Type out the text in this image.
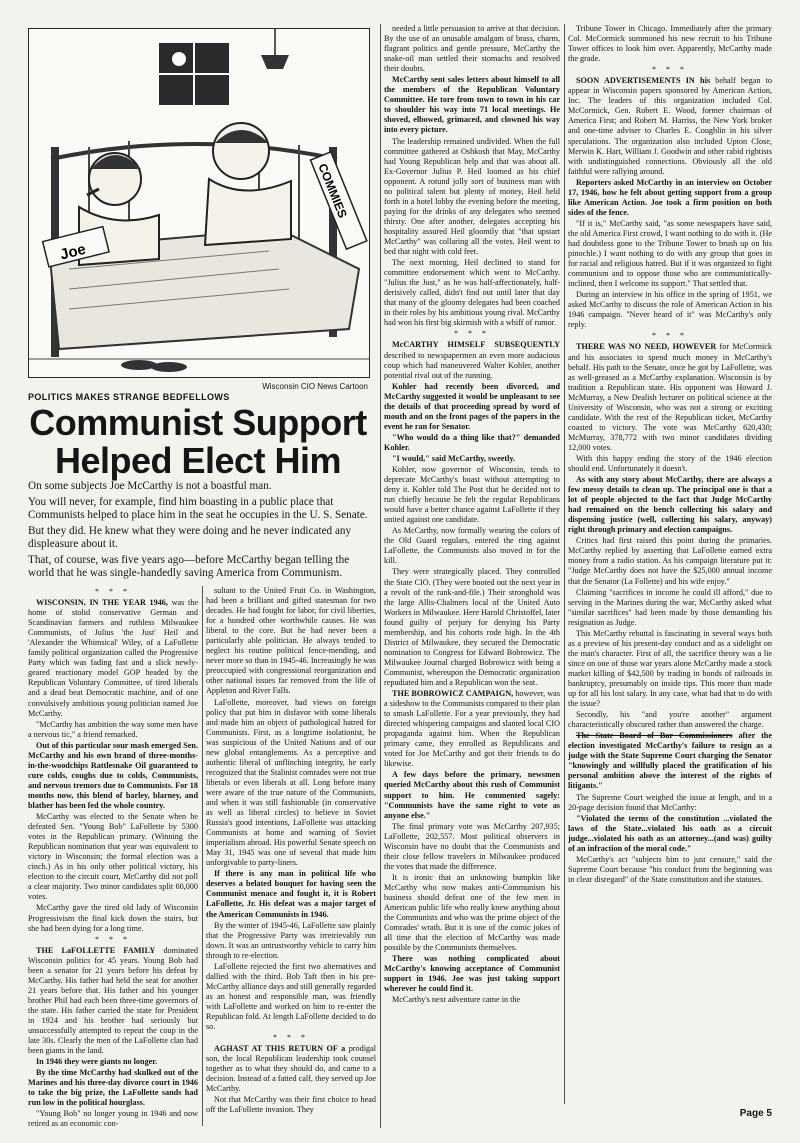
Joe
COMMIES
Wisconsin CIO News Cartoon
POLITICS MAKES STRANGE BEDFELLOWS
Communist Support
Helped Elect Him

On some subjects Joe McCarthy is not a boastful man.

You will never, for example, find him boasting in a public place that Communists helped to place him in the seat he occupies in the U. S. Senate.

But they did. He knew what they were doing and he never indicated any displeasure about it.

That, of course, was five years ago—before McCarthy began telling the world that he was single-handedly saving America from Communism.

* * *

WISCONSIN, IN THE YEAR 1946, was the home of stolid conservative German and Scandinavian farmers and ruthless Milwaukee Communists, of Julius 'the Just' Heil and 'Alexander the Whimsical' Wiley, of a LaFollette family political organization called the Progressive Party which was fading fast and a slick newly-geared reactionary model GOP headed by the Republican Voluntary Committee, of tired liberals and a dead beat Democratic machine, and of one convulsively ambitious young politician named Joe McCarthy.

"McCarthy has ambition the way some men have a nervous tic," a friend remarked.

Out of this particular sour mash emerged Sen. McCarthy and his own brand of three-months-in-the-woodchips Rattlesnake Oil guaranteed to cure colds, coughs due to colds, Communists, and nervous tremors due to Communists. For 18 months now, this blend of barley, blarney, and blather has been fed the whole country.

McCarthy was elected to the Senate when he defeated Sen. "Young Bob" LaFollette by 5300 votes in the Republican primary. (Winning the Republican nomination that year was equivalent to victory in Wisconsin; the formal election was a cinch.) As in his only other political victory, his election to the circuit court, McCarthy did not poll a clear majority. Two minor candidates split 60,000 votes.

McCarthy gave the tired old lady of Wisconsin Progressivism the final kick down the stairs, but she had been dying for a long time.

* * *

THE LaFOLLETTE FAMILY dominated Wisconsin politics for 45 years. Young Bob had been a senator for 21 years before his defeat by McCarthy. His father had held the seat for another 21 years before that. His father and his younger brother Phil had each been three-time governors of the state. His father carried the state for President in 1924 and his brother had seriously but unsuccessfully attempted to repeat the coup in the late 30s. Clearly the men of the LaFollette clan had been giants in the land.

In 1946 they were giants no longer.

By the time McCarthy had skulked out of the Marines and his three-day divorce court in 1946 to take the big prize, the LaFollette sands had run low in the political hourglass.

"Young Bob" no longer young in 1946 and now retired as an economic con-

sultant to the United Fruit Co. in Washington, had been a brilliant and gifted statesman for two decades. He had fought for labor, for civil liberties, for a hundred other worthwhile causes. He was liberal to the core. But he had never been a particularly able politician. He always tended to neglect his routine political fence-mending, and never more so than in 1945-46. Increasingly he was preoccupied with congressional reorganization and other national issues far removed from the life of Appleton and River Falls.

LaFollette, moreover, had views on foreign policy that put him in disfavor with some liberals and made him an object of pathological hatred for Communists. First, as a longtime isolationist, he was suspicious of the United Nations and of our new global entanglements. As a perceptive and authentic liberal of unflinching integrity, he early recognized that the Stalinist comrades were not true liberals or even liberals at all. Long before many were aware of the true nature of the Communists, and when it was still fashionable (in conservative as well as liberal circles) to believe in Soviet Russia's good intentions, LaFollette was attacking Communists at home and warning of Soviet imperialism abroad. His powerful Senate speech on May 31, 1945 was one of several that made him unforgivable to party-liners.

If there is any man in political life who deserves a belated bouquet for having seen the Communist menace and fought it, it is Robert LaFollette, Jr. His defeat was a major target of the American Communists in 1946.

By the winter of 1945-46, LaFollette saw plainly that the Progressive Party was irretrievably run down. It was an untrustworthy vehicle to carry him through to re-election.

LaFollette rejected the first two alternatives and dallied with the third. Bob Taft then in his pre-McCarthy alliance days and still generally regarded as an honest and responsible man, was friendly with LaFollette and worked on him to re-enter the Republican fold. At length LaFollette decided to do so.

* * *

AGHAST AT THIS RETURN OF a prodigal son, the local Republican leadership took counsel together as to what they should do, and came to a decision. Instead of a fatted calf, they served up Joe McCarthy.

Not that McCarthy was their first choice to head off the LaFollette invasion. They

needed a little persuasion to arrive at that decision. By the use of an unusable amalgam of brass, charm, flagrant politics and gentle pressure, McCarthy the snake-oil man settled their stomachs and resolved their doubts.

McCarthy sent sales letters about himself to all the members of the Republican Voluntary Committee. He tore from town to town in his car to shoulder his way into 71 local meetings. He shoved, elbowed, grimaced, and clowned his way into every picture.

The leadership remained undivided. When the full committee gathered at Oshkosh that May, McCarthy had Young Republican help and that was about all. Ex-Governor Julius P. Heil loomed as his chief opponent. A rotund jolly sort of business man with no political talent but plenty of money, Heil held forth in a hotel lobby the evening before the meeting, paying for the drinks of any delegates who seemed thirsty. One after another, delegates accepting his hospitality assured Heil gloomily that "that upstart McCarthy" was collaring all the votes. Heil went to bed that night with cold feet.

The next morning, Heil declined to stand for committee endorsement which went to McCarthy. "Julius the Just," as he was half-affectionately, half-derisively called, didn't find out until later that day that many of the gloomy delegates had been coached in their roles by his ambitious young rival. McCarthy had won his first big skirmish with a whiff of rumor.

* * *

McCARTHY HIMSELF SUBSEQUENTLY described to newspapermen an even more audacious coup which had maneuvered Walter Kohler, another potential rival out of the running.

Kohler had recently been divorced, and McCarthy suggested it would be unpleasant to see the details of that proceeding spread by word of mouth and on the front pages of the papers in the event he ran for Senator.

"Who would do a thing like that?" demanded Kohler.

"I would," said McCarthy, sweetly.

Kohler, now governor of Wisconsin, tends to deprecate McCarthy's boast without attempting to deny it. Kohler told The Post that he decided not to run chiefly because he felt the regular Republicans would have a better chance against LaFollette if they united against one candidate.

As McCarthy, now formally wearing the colors of the Old Guard regulars, entered the ring against LaFollette, the Communists also moved in for the kill.

They were strategically placed. They controlled the State CIO. (They were booted out the next year in a revolt of the rank-and-file.) Their stronghold was the large Allis-Chalmers local of the United Auto Workers in Milwaukee. Here Harold Christoffel, later found guilty of perjury for denying his Party membership, and his cohorts rode high. In the 4th District of Milwaukee, they secured the Democratic nomination to Congress for Edward Bobrowicz. The Milwaukee Journal charged Bobrowicz with being a Communist, whereupon the Democratic organization repudiated him and a Republican won the seat.

THE BOBROWICZ CAMPAIGN, however, was a sideshow to the Communists compared to their plan to smash LaFollette. For a year previously, they had directed whispering campaigns and slanted local CIO propaganda against him. When the Republican primary came, they enrolled as Republicans and voted for Joe McCarthy and got their friends to do likewise.

A few days before the primary, newsmen queried McCarthy about this rush of Communist support to him. He commented sagely: "Communists have the same right to vote as anyone else."

The final primary vote was McCarthy 207,935; LaFollette, 202,557. Most political observers in Wisconsin have no doubt that the Communists and their close fellow travelers in Milwaukee produced the votes that made the difference.

It is ironic that an unknowing bumpkin like McCarthy who now makes anti-Communism his business should defeat one of the few men in American public life who really knew anything about the Communists and who was the prime object of the Comrades' wrath. But it is one of the comic jokes of all time that the election of McCarthy was made possible by the Communists themselves.

There was nothing complicated about McCarthy's knowing acceptance of Communist support in 1946. Joe was just taking support wherever he could find it.

McCarthy's next adventure came in the

Tribune Tower in Chicago. Immediately after the primary Col. McCormick summoned his new recruit to his Tribune Tower offices to look him over. Apparently, McCarthy made the grade.

* * *

SOON ADVERTISEMENTS IN his behalf began to appear in Wisconsin papers sponsored by American Action, Inc. The leaders of this organization included Col. McCormick, Gen. Robert E. Wood, former chairman of America First; and Robert M. Harriss, the New York broker and one-time adviser to Charles E. Coughlin in his silver speculations. The organization also included Upton Close, Merwin K. Hart, William J. Goodwin and other rabid rightists with undistinguished connections. Obviously all the old faithful were rallying around.

Reporters asked McCarthy in an interview on October 17, 1946, how he felt about getting support from a group like American Action. Joe took a firm position on both sides of the fence.

"If it is," McCarthy said, "as some newspapers have said, the old America First crowd, I want nothing to do with it. (He had doubtless gone to the Tribune Tower to brush up on his pinochle.) I want nothing to do with any group that goes in for racial and religious hatred. But if it was organized to fight communism and to oppose those who are communistically-inclined, then I welcome its support." That settled that.

During an interview in his office in the spring of 1951, we asked McCarthy to discuss the role of American Action in his 1946 campaign. "Never heard of it" was McCarthy's only reply.

* * *

THERE WAS NO NEED, HOWEVER for McCormick and his associates to spend much money in McCarthy's behalf. His path to the Senate, once he got by LaFollette, was as well-greased as a McCarthy explanation. Wisconsin is by tradition a Republican state. His opponent was Howard J. McMurray, a New Dealish lecturer on political science at the University of Wisconsin, who was not a strong or exciting candidate. With the rest of the Republican ticket, McCarthy coasted to victory. The vote was McCarthy 620,430; McMurray, 378,772 with two minor candidates dividing 12,000 votes.

With this happy ending the story of the 1946 election should end. Unfortunately it doesn't.

As with any story about McCarthy, there are always a few messy details to clean up. The principal one is that a lot of people objected to the fact that Judge McCarthy had remained on the bench collecting his salary and dispensing justice (well, collecting his salary, anyway) right through primary and election campaigns.

Critics had first raised this point during the primaries. McCarthy replied by asserting that LaFollette earned extra money from a radio station. As his campaign literature put it: "Judge McCarthy does not have the $25,000 annual income that the Senator (La Follette) and his wife enjoy."

Claiming "sacrifices in income he could ill afford," due to serving in the Marines during the war, McCarthy asked what "similar sacrifices" had been made by those demanding his resignation as Judge.

This McCarthy rebuttal is fascinating in several ways both as a preview of his present-day conduct and as a sidelight on the man's character. First of all, the sacrifice theory was a lie since on one of those war years alone McCarthy made a stock market killing of $42,500 by trading in bonds of railroads in bankruptcy, presumably on inside tips. This more than made up for all his lost salary. In any case, what had that to do with the issue?

Secondly, his "and you're another" argument characteristically obscured rather than answered the charge.

The State Board of Bar Commissioners after the election investigated McCarthy's failure to resign as a judge with the State Supreme Court charging the Senator "knowingly and willfully placed the gratification of his personal ambition above the interest of the rights of litigants."

The Supreme Court weighed the issue at length, and in a 20-page decision found that McCarthy:

"Violated the terms of the constitution ...violated the laws of the State...violated his oath as a circuit judge...violated his oath as an attorney...(and was) guilty of an infraction of the moral code."

McCarthy's act "subjects him to just censure," said the Supreme Court because "his conduct from the beginning was in clear disregard" of the State constitution and the statutes.

Page 5
